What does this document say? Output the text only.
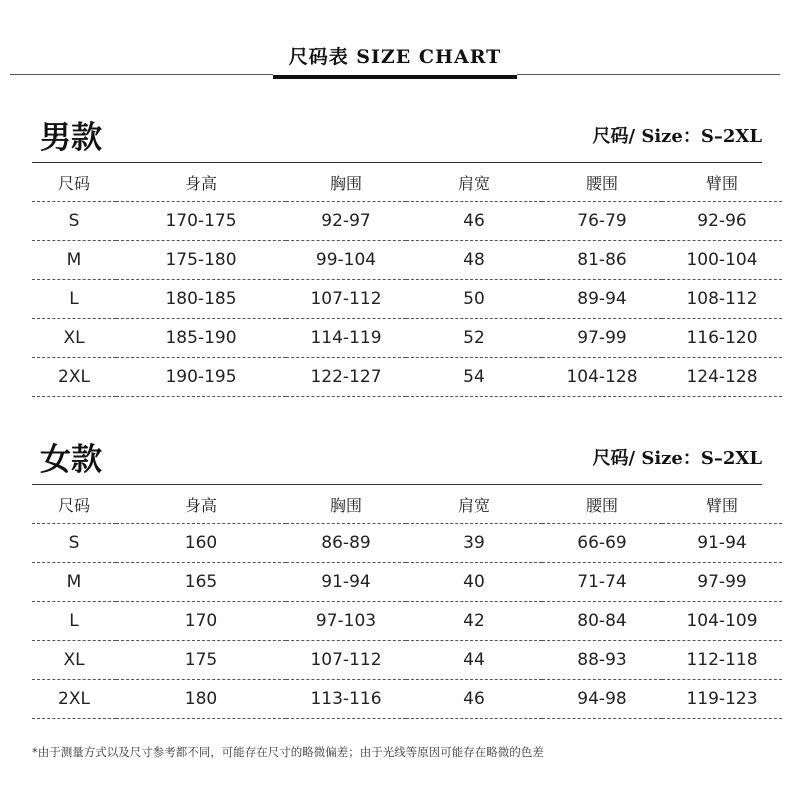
尺码表 SIZE CHART
男款	尺码/ Size：S–2XL
尺码	身高	胸围	肩宽	腰围	臂围
S	170-175	92-97	46	76-79	92-96
M	175-180	99-104	48	81-86	100-104
L	180-185	107-112	50	89-94	108-112
XL	185-190	114-119	52	97-99	116-120
2XL	190-195	122-127	54	104-128	124-128
女款	尺码/ Size：S–2XL
尺码	身高	胸围	肩宽	腰围	臂围
S	160	86-89	39	66-69	91-94
M	165	91-94	40	71-74	97-99
L	170	97-103	42	80-84	104-109
XL	175	107-112	44	88-93	112-118
2XL	180	113-116	46	94-98	119-123
*由于测量方式以及尺寸参考都不同，可能存在尺寸的略微偏差；由于光线等原因可能存在略微的色差
